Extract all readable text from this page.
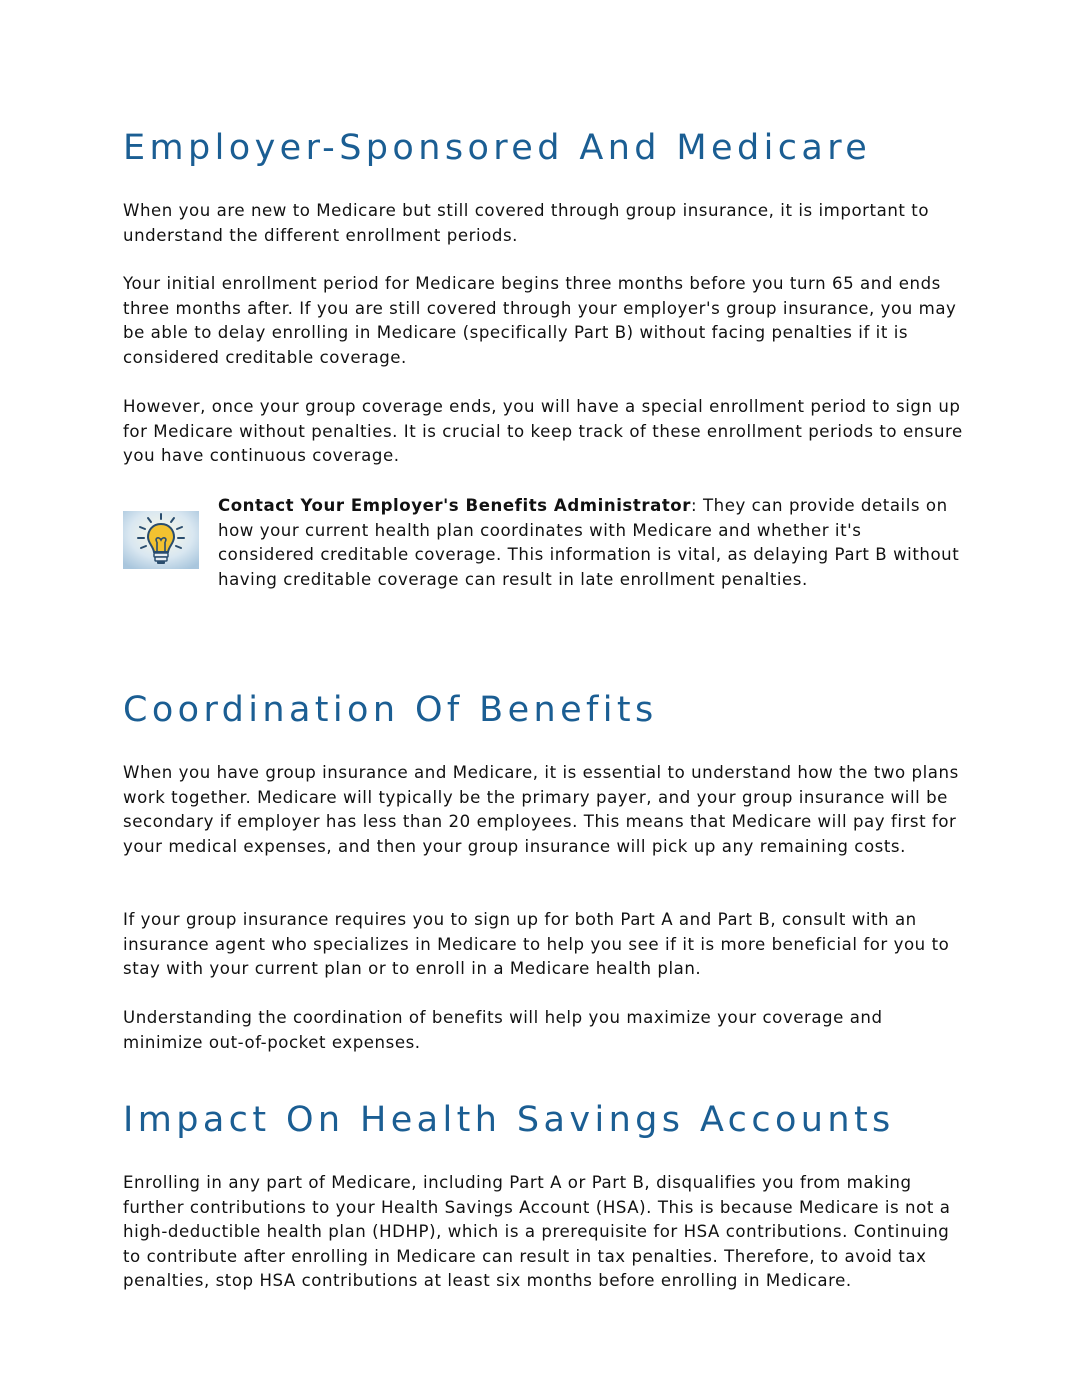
Employer-Sponsored And Medicare

When you are new to Medicare but still covered through group insurance, it is important to understand the different enrollment periods.

Your initial enrollment period for Medicare begins three months before you turn 65 and ends three months after. If you are still covered through your employer's group insurance, you may be able to delay enrolling in Medicare (specifically Part B) without facing penalties if it is considered creditable coverage.

However, once your group coverage ends, you will have a special enrollment period to sign up for Medicare without penalties. It is crucial to keep track of these enrollment periods to ensure you have continuous coverage.

Contact Your Employer's Benefits Administrator: They can provide details on how your current health plan coordinates with Medicare and whether it's considered creditable coverage. This information is vital, as delaying Part B without having creditable coverage can result in late enrollment penalties.

Coordination Of Benefits

When you have group insurance and Medicare, it is essential to understand how the two plans work together. Medicare will typically be the primary payer, and your group insurance will be secondary if employer has less than 20 employees. This means that Medicare will pay first for your medical expenses, and then your group insurance will pick up any remaining costs.

If your group insurance requires you to sign up for both Part A and Part B, consult with an insurance agent who specializes in Medicare to help you see if it is more beneficial for you to stay with your current plan or to enroll in a Medicare health plan.

Understanding the coordination of benefits will help you maximize your coverage and minimize out-of-pocket expenses.

Impact On Health Savings Accounts

Enrolling in any part of Medicare, including Part A or Part B, disqualifies you from making further contributions to your Health Savings Account (HSA). This is because Medicare is not a high-deductible health plan (HDHP), which is a prerequisite for HSA contributions. Continuing to contribute after enrolling in Medicare can result in tax penalties. Therefore, to avoid tax penalties, stop HSA contributions at least six months before enrolling in Medicare.
